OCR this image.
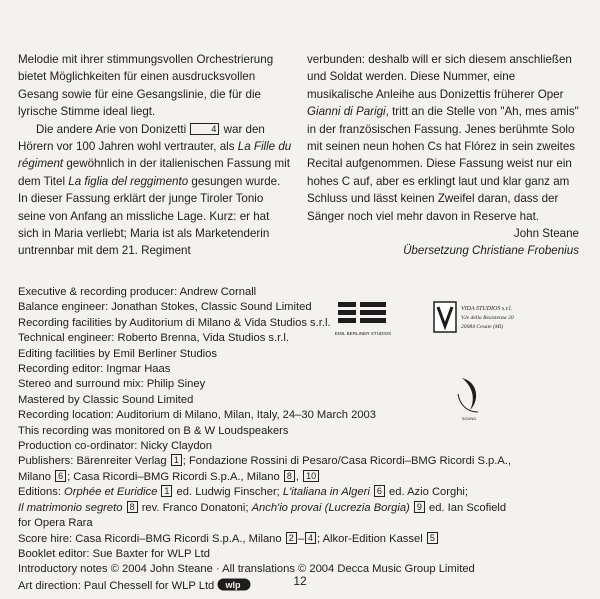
Melodie mit ihrer stimmungsvollen Orchestrierung bietet Möglichkeiten für einen ausdrucksvollen Gesang sowie für eine Gesangslinie, die für die lyrische Stimme ideal liegt.

Die andere Arie von Donizetti 4 war den Hörern vor 100 Jahren wohl vertrauter, als La Fille du régiment gewöhnlich in der italienischen Fassung mit dem Titel La figlia del reggimento gesungen wurde. In dieser Fassung erklärt der junge Tiroler Tonio seine von Anfang an missliche Lage. Kurz: er hat sich in Maria verliebt; Maria ist als Marketenderin untrennbar mit dem 21. Regiment

verbunden: deshalb will er sich diesem anschließen und Soldat werden. Diese Nummer, eine musikalische Anleihe aus Donizettis früherer Oper Gianni di Parigi, tritt an die Stelle von "Ah, mes amis" in der französischen Fassung. Jenes berühmte Solo mit seinen neun hohen Cs hat Flórez in sein zweites Recital aufgenommen. Diese Fassung weist nur ein hohes C auf, aber es erklingt laut und klar ganz am Schluss und lässt keinen Zweifel daran, dass der Sänger noch viel mehr davon in Reserve hat.

John Steane

Übersetzung Christiane Frobenius

Executive & recording producer: Andrew Cornall

Balance engineer: Jonathan Stokes, Classic Sound Limited

Recording facilities by Auditorium di Milano & Vida Studios s.r.l.

Technical engineer: Roberto Brenna, Vida Studios s.r.l.

Editing facilities by Emil Berliner Studios

Recording editor: Ingmar Haas

Stereo and surround mix: Philip Siney

Mastered by Classic Sound Limited

Recording location: Auditorium di Milano, Milan, Italy, 24–30 March 2003

This recording was monitored on B & W Loudspeakers

Production co-ordinator: Nicky Claydon

Publishers: Bärenreiter Verlag 1 ; Fondazione Rossini di Pesaro/Casa Ricordi–BMG Ricordi S.p.A.,

Milano 6 ; Casa Ricordi–BMG Ricordi S.p.A., Milano 8 , 10

Editions: Orphée et Euridice 1 ed. Ludwig Finscher; L'italiana in Algeri 6 ed. Azio Corghi;

Il matrimonio segreto 8 rev. Franco Donatoni; Anch'io provai (Lucrezia Borgia) 9 ed. Ian Scofield

for Opera Rara

Score hire: Casa Ricordi–BMG Ricordi S.p.A., Milano 2 – 4 ; Alkor-Edition Kassel 5

Booklet editor: Sue Baxter for WLP Ltd

Introductory notes © 2004 John Steane · All translations © 2004 Decca Music Group Limited

Art direction: Paul Chessell for WLP Ltd wlp

EMIL BERLINER STUDIOS
VIDA STUDIOS s.r.l.
V.le della Resistenza 20
20084 Cesate (MI)
SOUND
12
